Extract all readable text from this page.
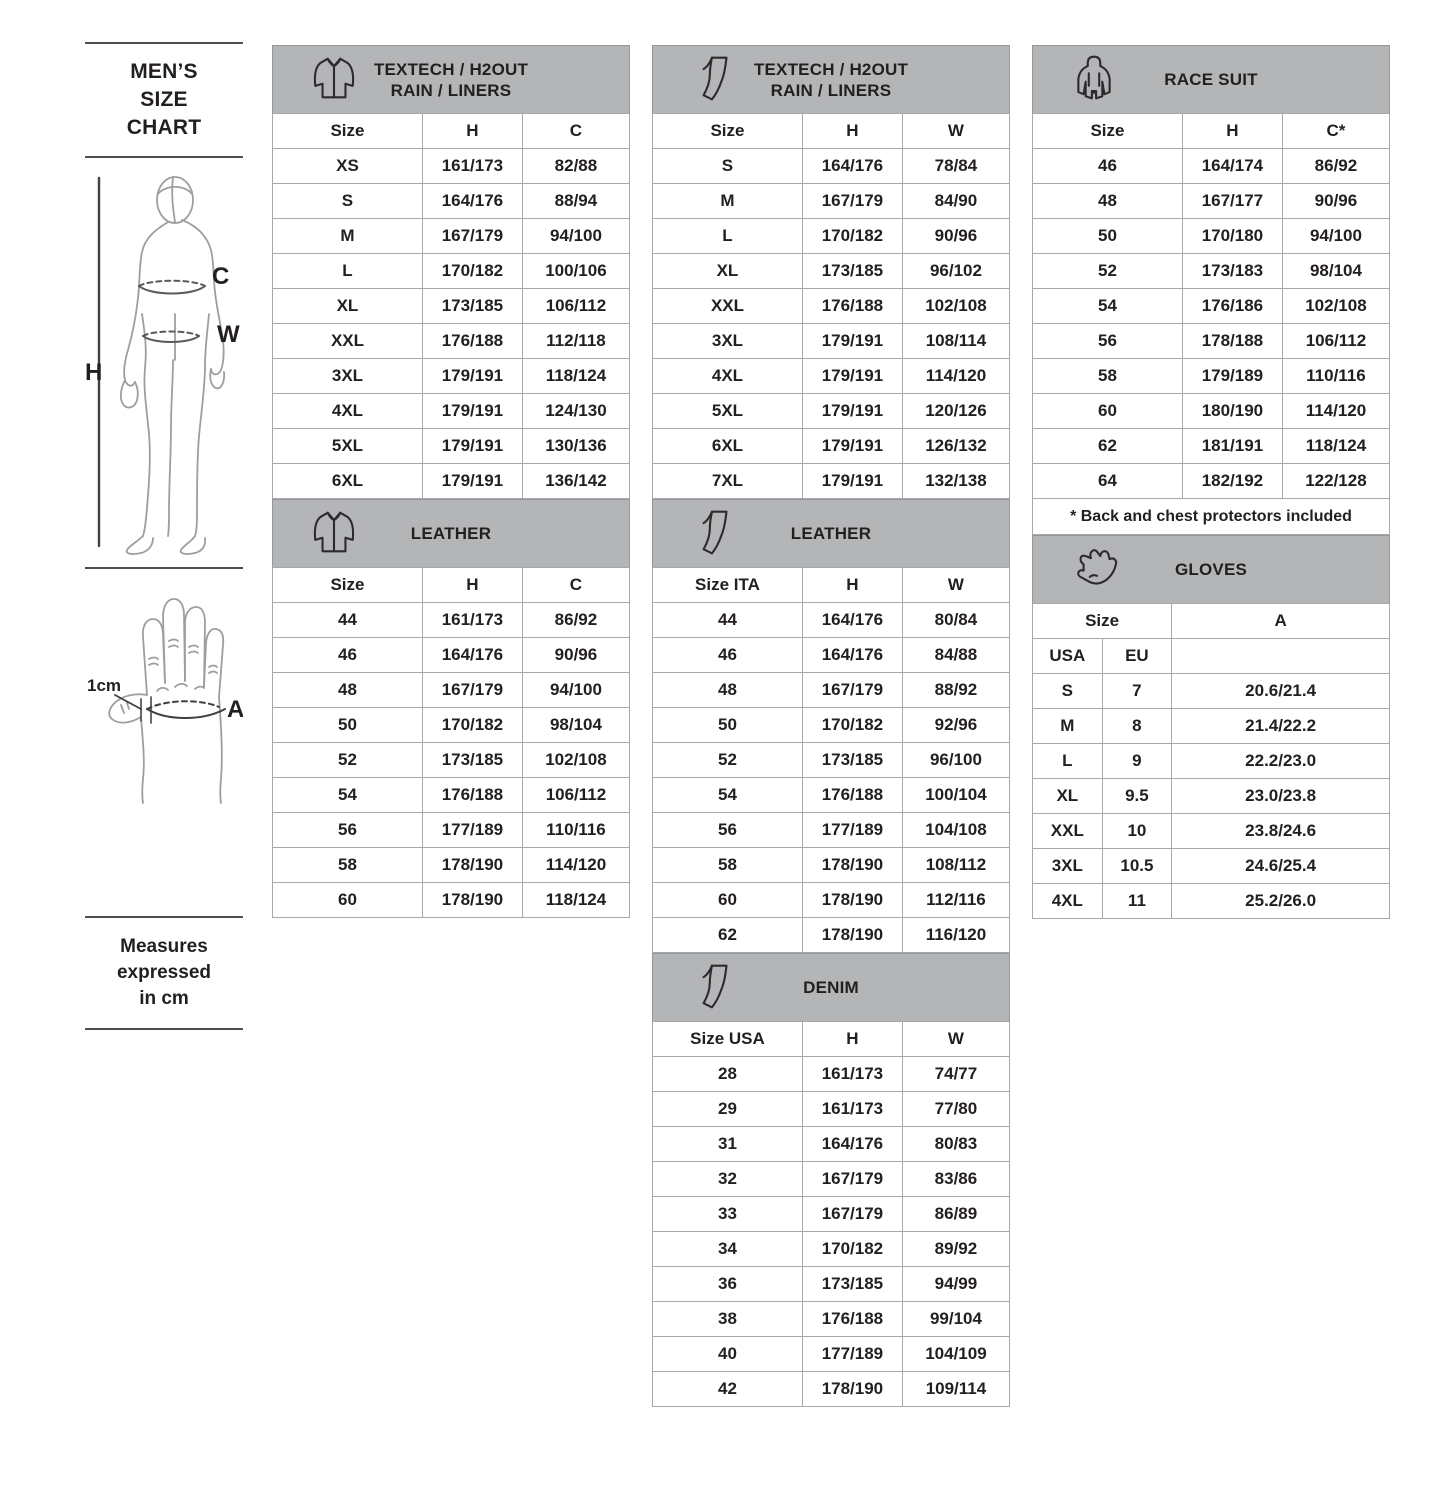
MEN’S
SIZE
CHART
C
W
H
1cm
A
Measures
expressed
in cm
TEXTECH / H2OUT
RAIN / LINERS
Size	H	C
XS	161/173	82/88
S	164/176	88/94
M	167/179	94/100
L	170/182	100/106
XL	173/185	106/112
XXL	176/188	112/118
3XL	179/191	118/124
4XL	179/191	124/130
5XL	179/191	130/136
6XL	179/191	136/142
LEATHER
Size	H	C
44	161/173	86/92
46	164/176	90/96
48	167/179	94/100
50	170/182	98/104
52	173/185	102/108
54	176/188	106/112
56	177/189	110/116
58	178/190	114/120
60	178/190	118/124
TEXTECH / H2OUT
RAIN / LINERS
Size	H	W
S	164/176	78/84
M	167/179	84/90
L	170/182	90/96
XL	173/185	96/102
XXL	176/188	102/108
3XL	179/191	108/114
4XL	179/191	114/120
5XL	179/191	120/126
6XL	179/191	126/132
7XL	179/191	132/138
LEATHER
Size ITA	H	W
44	164/176	80/84
46	164/176	84/88
48	167/179	88/92
50	170/182	92/96
52	173/185	96/100
54	176/188	100/104
56	177/189	104/108
58	178/190	108/112
60	178/190	112/116
62	178/190	116/120
DENIM
Size USA	H	W
28	161/173	74/77
29	161/173	77/80
31	164/176	80/83
32	167/179	83/86
33	167/179	86/89
34	170/182	89/92
36	173/185	94/99
38	176/188	99/104
40	177/189	104/109
42	178/190	109/114
RACE SUIT
Size	H	C*
46	164/174	86/92
48	167/177	90/96
50	170/180	94/100
52	173/183	98/104
54	176/186	102/108
56	178/188	106/112
58	179/189	110/116
60	180/190	114/120
62	181/191	118/124
64	182/192	122/128
* Back and chest protectors included
GLOVES
Size		A
USA	EU	
S	7	20.6/21.4
M	8	21.4/22.2
L	9	22.2/23.0
XL	9.5	23.0/23.8
XXL	10	23.8/24.6
3XL	10.5	24.6/25.4
4XL	11	25.2/26.0
